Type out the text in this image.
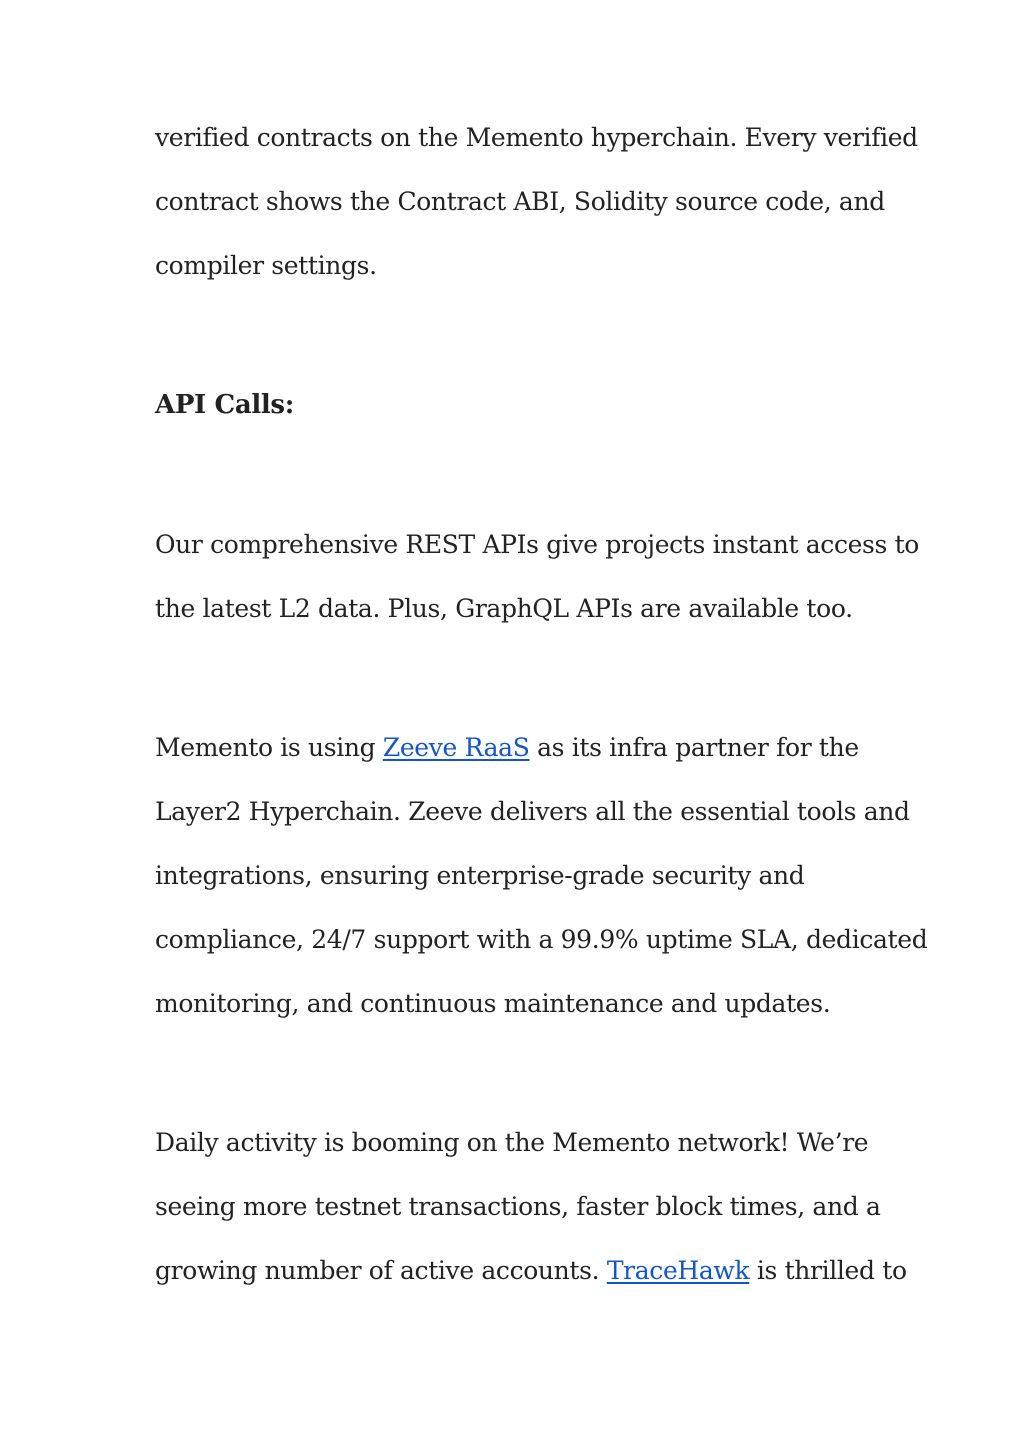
verified contracts on the Memento hyperchain. Every verified
contract shows the Contract ABI, Solidity source code, and
compiler settings.
API Calls:
Our comprehensive REST APIs give projects instant access to
the latest L2 data. Plus, GraphQL APIs are available too.
Memento is using Zeeve RaaS as its infra partner for the
Layer2 Hyperchain. Zeeve delivers all the essential tools and
integrations, ensuring enterprise-grade security and
compliance, 24/7 support with a 99.9% uptime SLA, dedicated
monitoring, and continuous maintenance and updates.
Daily activity is booming on the Memento network! We’re
seeing more testnet transactions, faster block times, and a
growing number of active accounts. TraceHawk is thrilled to
